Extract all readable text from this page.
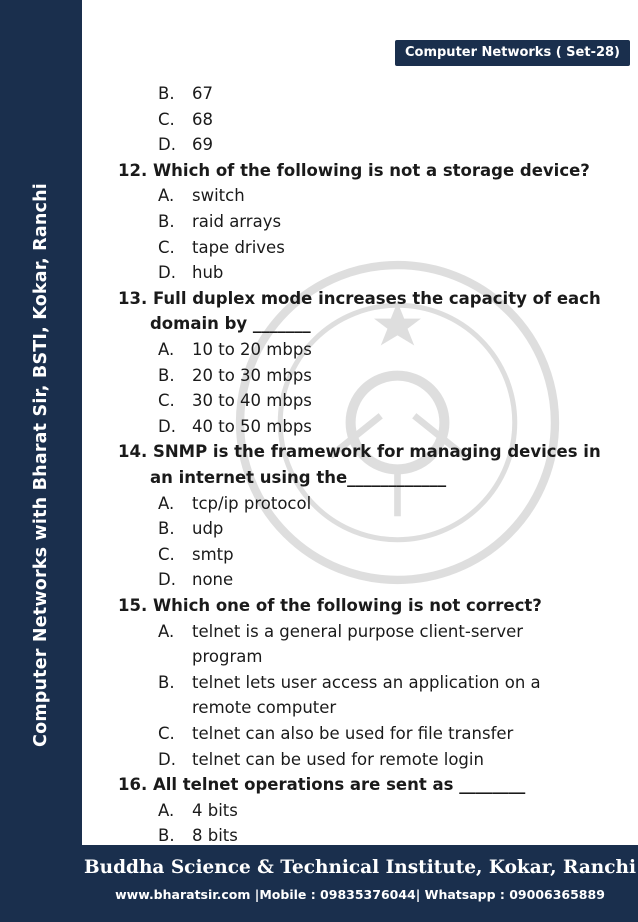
Computer Networks with Bharat Sir, BSTI, Kokar, Ranchi
Computer Networks ( Set-28)
B. 67
C. 68
D. 69
12. Which of the following is not a storage device?
A. switch
B. raid arrays
C. tape drives
D. hub
13. Full duplex mode increases the capacity of each
domain by _______
A. 10 to 20 mbps
B. 20 to 30 mbps
C. 30 to 40 mbps
D. 40 to 50 mbps
14. SNMP is the framework for managing devices in
an internet using the____________
A. tcp/ip protocol
B. udp
C. smtp
D. none
15. Which one of the following is not correct?
A. telnet is a general purpose client-server
program
B. telnet lets user access an application on a
remote computer
C. telnet can also be used for file transfer
D. telnet can be used for remote login
16. All telnet operations are sent as ________
A. 4 bits
B. 8 bits
Buddha Science & Technical Institute, Kokar, Ranchi
www.bharatsir.com |Mobile : 09835376044| Whatsapp : 09006365889
